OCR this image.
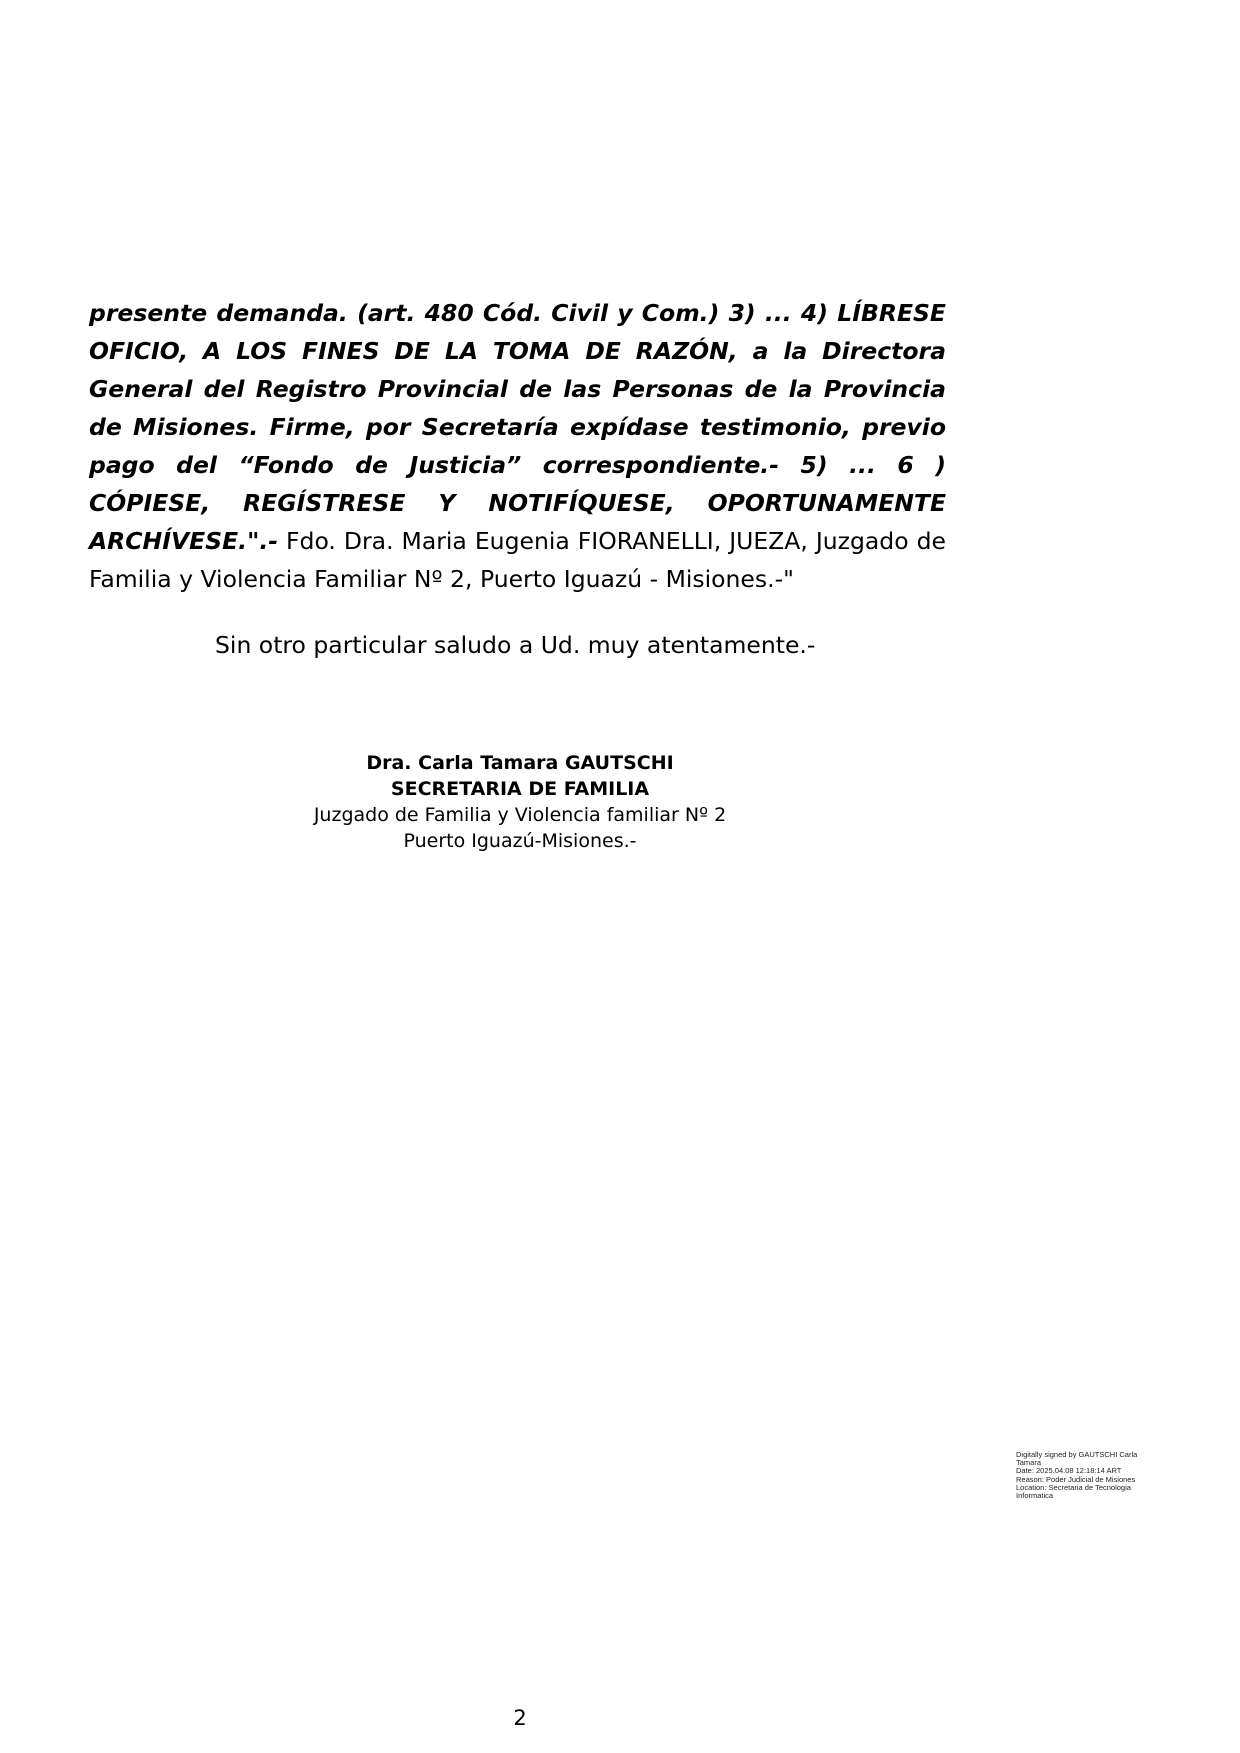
presente demanda. (art. 480 Cód. Civil y Com.) 3) ... 4) LÍBRESE OFICIO, A LOS FINES DE LA TOMA DE RAZÓN, a la Directora General del Registro Provincial de las Personas de la Provincia de Misiones. Firme, por Secretaría expídase testimonio, previo pago del “Fondo de Justicia” correspondiente.- 5) ... 6 ) CÓPIESE, REGÍSTRESE Y NOTIFÍQUESE, OPORTUNAMENTE ARCHÍVESE.".- Fdo. Dra. Maria Eugenia FIORANELLI, JUEZA, Juzgado de Familia y Violencia Familiar Nº 2, Puerto Iguazú - Misiones.-"

Sin otro particular saludo a Ud. muy atentamente.-

Dra. Carla Tamara GAUTSCHI
SECRETARIA DE FAMILIA
Juzgado de Familia y Violencia familiar Nº 2
Puerto Iguazú-Misiones.-
Digitally signed by GAUTSCHI Carla Tamara
Date: 2025.04.08 12:18:14 ART
Reason: Poder Judicial de Misiones
Location: Secretaria de Tecnologia Informatica
2
